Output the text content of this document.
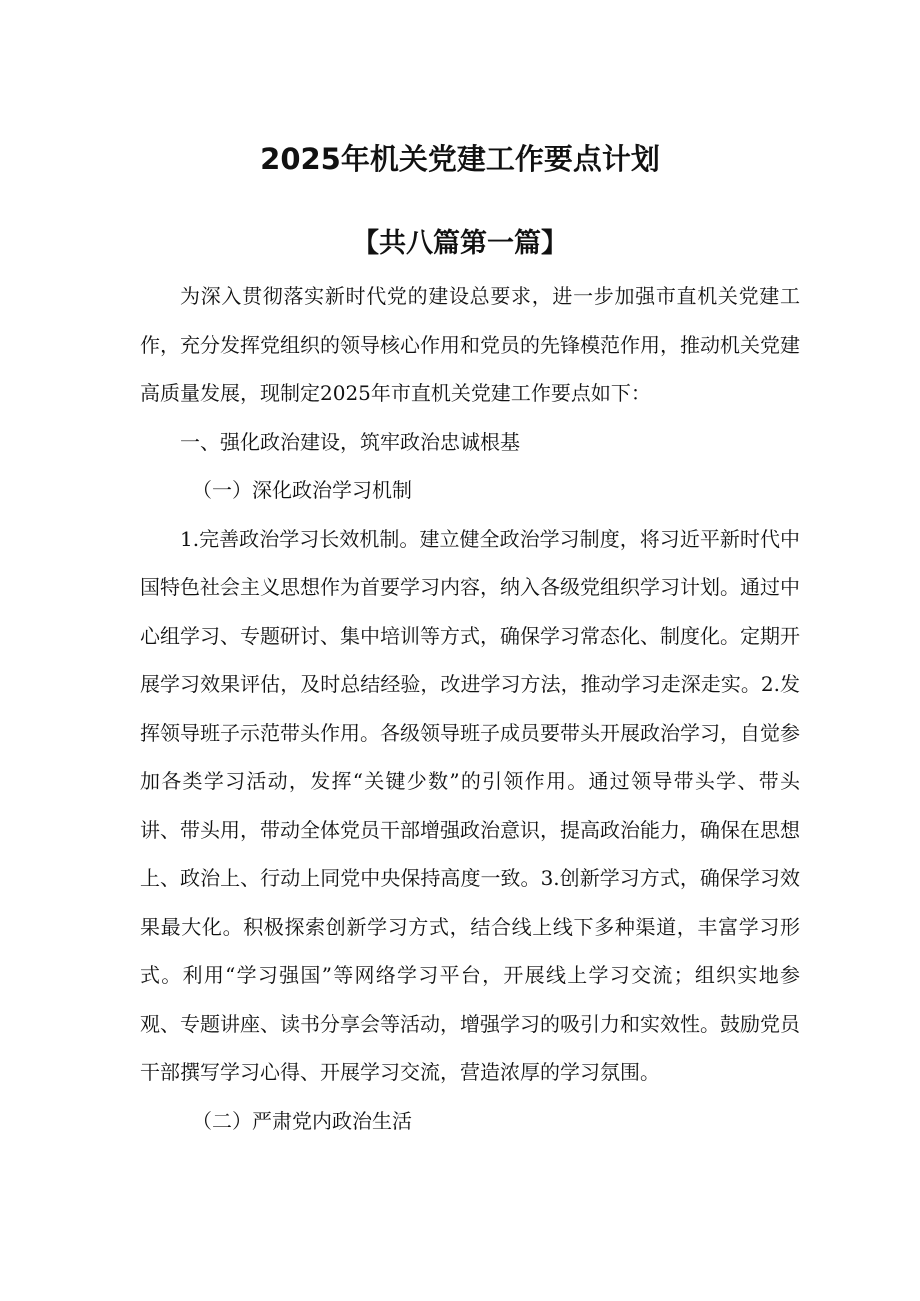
2025年机关党建工作要点计划
【共八篇第一篇】

为深入贯彻落实新时代党的建设总要求，进一步加强市直机关党建工作，充分发挥党组织的领导核心作用和党员的先锋模范作用，推动机关党建高质量发展，现制定2025年市直机关党建工作要点如下：

一、强化政治建设，筑牢政治忠诚根基

（一）深化政治学习机制

1.完善政治学习长效机制。建立健全政治学习制度，将习近平新时代中国特色社会主义思想作为首要学习内容，纳入各级党组织学习计划。通过中心组学习、专题研讨、集中培训等方式，确保学习常态化、制度化。定期开展学习效果评估，及时总结经验，改进学习方法，推动学习走深走实。2.发挥领导班子示范带头作用。各级领导班子成员要带头开展政治学习，自觉参加各类学习活动，发挥“关键少数”的引领作用。通过领导带头学、带头讲、带头用，带动全体党员干部增强政治意识，提高政治能力，确保在思想上、政治上、行动上同党中央保持高度一致。3.创新学习方式，确保学习效果最大化。积极探索创新学习方式，结合线上线下多种渠道，丰富学习形式。利用“学习强国”等网络学习平台，开展线上学习交流；组织实地参观、专题讲座、读书分享会等活动，增强学习的吸引力和实效性。鼓励党员干部撰写学习心得、开展学习交流，营造浓厚的学习氛围。

（二）严肃党内政治生活
